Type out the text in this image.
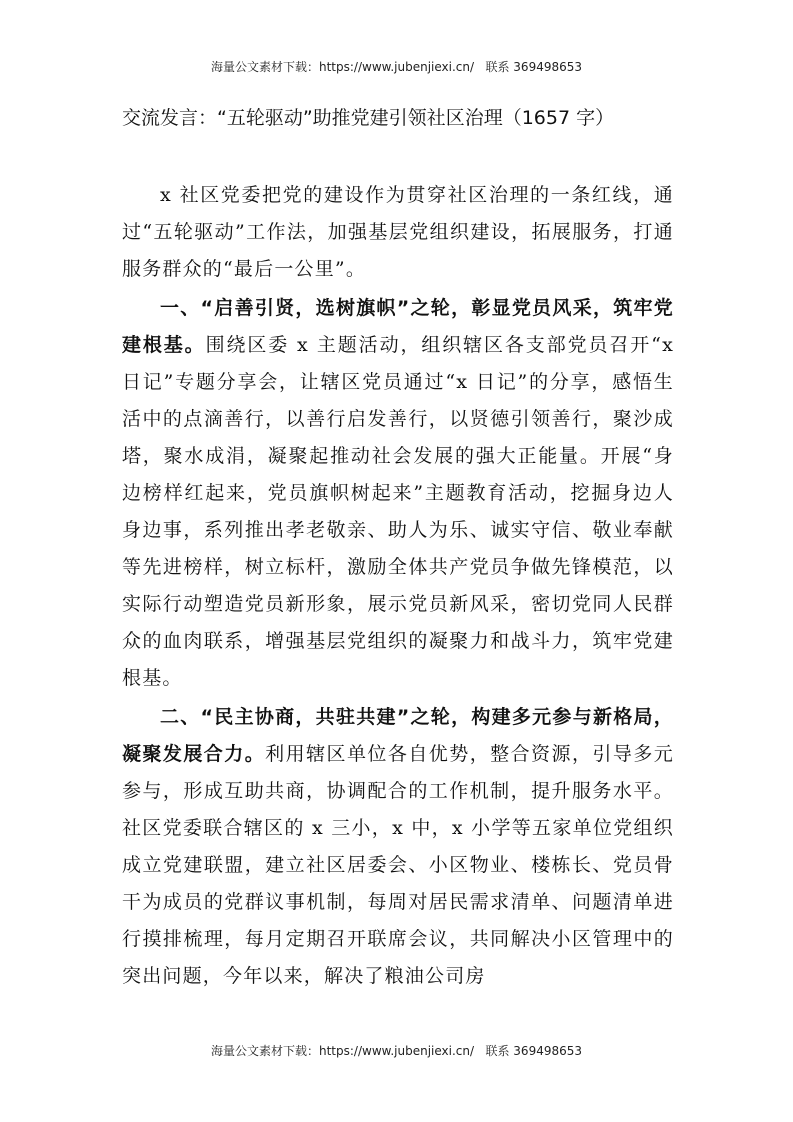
海量公文素材下载：https://www.jubenjiexi.cn/   联系 369498653
交流发言：“五轮驱动”助推党建引领社区治理（1657 字）

x 社区党委把党的建设作为贯穿社区治理的一条红线，通过“五轮驱动”工作法，加强基层党组织建设，拓展服务，打通服务群众的“最后一公里”。

一、“启善引贤，选树旗帜”之轮，彰显党员风采，筑牢党建根基。围绕区委 x 主题活动，组织辖区各支部党员召开“x 日记”专题分享会，让辖区党员通过“x 日记”的分享，感悟生活中的点滴善行，以善行启发善行，以贤德引领善行，聚沙成塔，聚水成涓，凝聚起推动社会发展的强大正能量。开展“身边榜样红起来，党员旗帜树起来”主题教育活动，挖掘身边人身边事，系列推出孝老敬亲、助人为乐、诚实守信、敬业奉献等先进榜样，树立标杆，激励全体共产党员争做先锋模范，以实际行动塑造党员新形象，展示党员新风采，密切党同人民群众的血肉联系，增强基层党组织的凝聚力和战斗力，筑牢党建根基。

二、“民主协商，共驻共建”之轮，构建多元参与新格局，凝聚发展合力。利用辖区单位各自优势，整合资源，引导多元参与，形成互助共商，协调配合的工作机制，提升服务水平。社区党委联合辖区的 x 三小，x 中，x 小学等五家单位党组织成立党建联盟，建立社区居委会、小区物业、楼栋长、党员骨干为成员的党群议事机制，每周对居民需求清单、问题清单进行摸排梳理，每月定期召开联席会议，共同解决小区管理中的突出问题，今年以来，解决了粮油公司房

海量公文素材下载：https://www.jubenjiexi.cn/   联系 369498653
